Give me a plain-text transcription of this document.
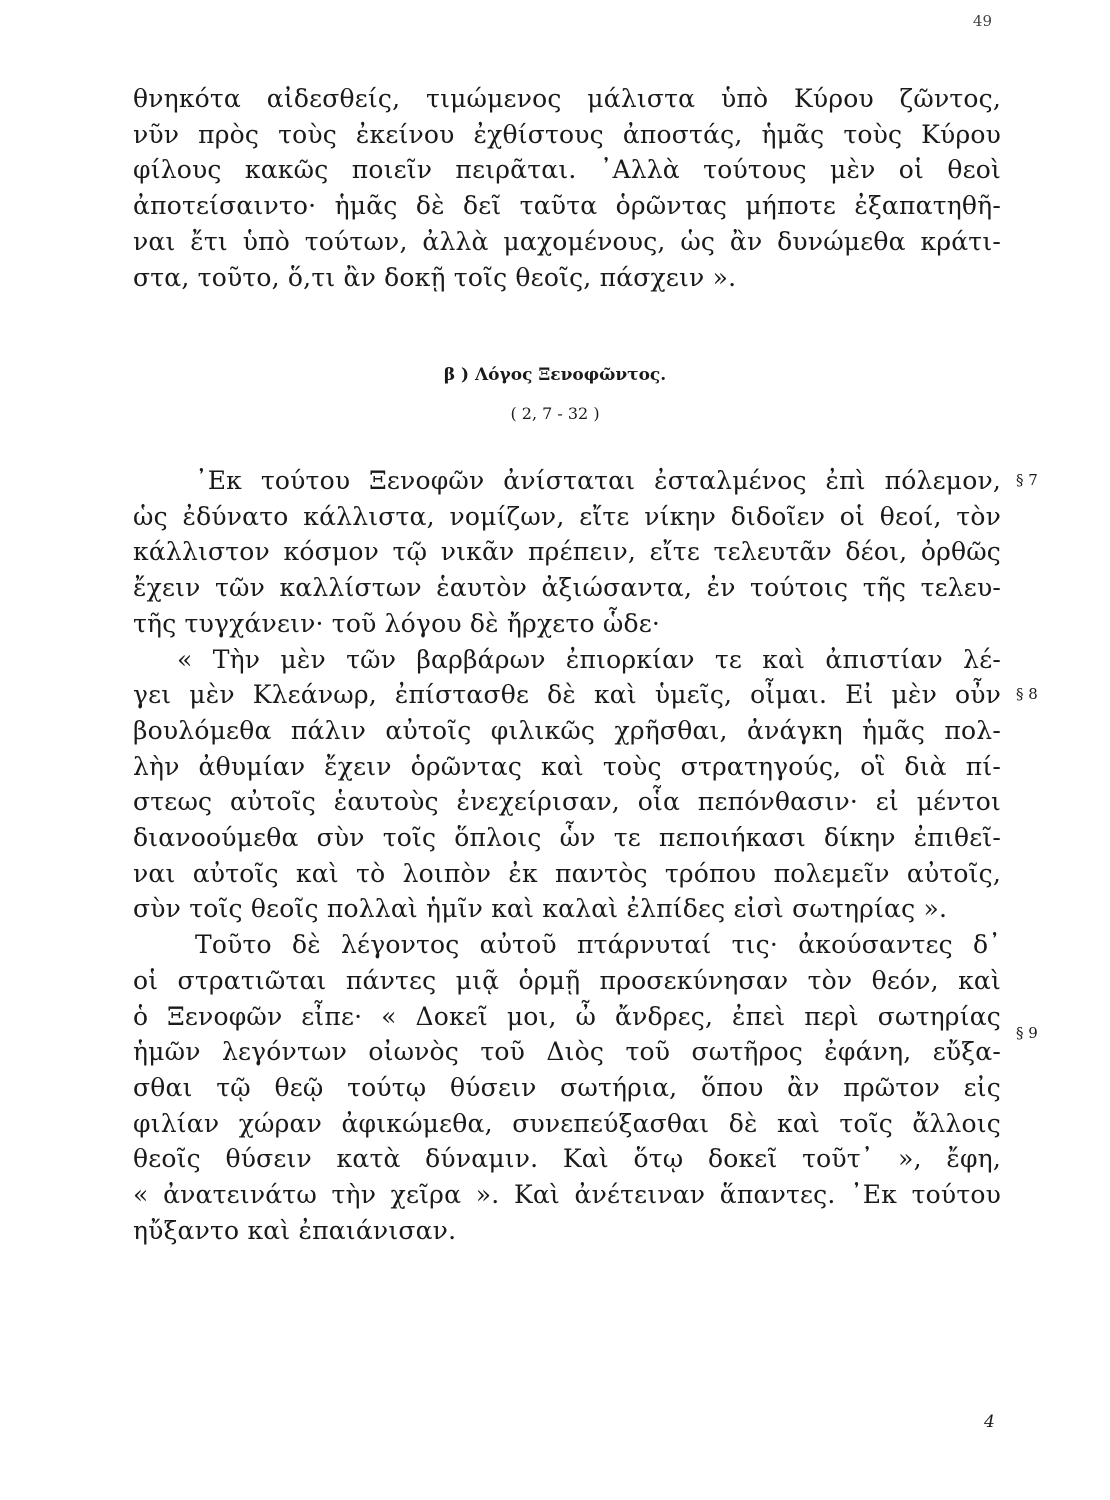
49
θνηκότα αἰδεσθείς, τιμώμενος μάλιστα ὑπὸ Κύρου ζῶντος,
νῦν πρὸς τοὺς ἐκείνου ἐχθίστους ἀποστάς, ἡμᾶς τοὺς Κύρου
φίλους κακῶς ποιεῖν πειρᾶται. ᾿Αλλὰ τούτους μὲν οἱ θεοὶ
ἀποτείσαιντο· ἡμᾶς δὲ δεῖ ταῦτα ὁρῶντας μήποτε ἐξαπατηθῆ-
ναι ἔτι ὑπὸ τούτων, ἀλλὰ μαχομένους, ὡς ἂν δυνώμεθα κράτι-
στα, τοῦτο, ὅ,τι ἂν δοκῇ τοῖς θεοῖς, πάσχειν ».
β ) Λόγος Ξενοφῶντος.
( 2, 7 - 32 )
᾿Εκ τούτου Ξενοφῶν ἀνίσταται ἐσταλμένος ἐπὶ πόλεμον,
ὡς ἐδύνατο κάλλιστα, νομίζων, εἴτε νίκην διδοῖεν οἱ θεοί, τὸν
κάλλιστον κόσμον τῷ νικᾶν πρέπειν, εἴτε τελευτᾶν δέοι, ὀρθῶς
ἔχειν τῶν καλλίστων ἑαυτὸν ἀξιώσαντα, ἐν τούτοις τῆς τελευ-
τῆς τυγχάνειν· τοῦ λόγου δὲ ἤρχετο ὧδε·
« Τὴν μὲν τῶν βαρβάρων ἐπιορκίαν τε καὶ ἀπιστίαν λέ-
γει μὲν Κλεάνωρ, ἐπίστασθε δὲ καὶ ὑμεῖς, οἶμαι. Εἰ μὲν οὖν
βουλόμεθα πάλιν αὐτοῖς φιλικῶς χρῆσθαι, ἀνάγκη ἡμᾶς πολ-
λὴν ἀθυμίαν ἔχειν ὁρῶντας καὶ τοὺς στρατηγούς, οἳ διὰ πί-
στεως αὐτοῖς ἑαυτοὺς ἐνεχείρισαν, οἷα πεπόνθασιν· εἰ μέντοι
διανοούμεθα σὺν τοῖς ὅπλοις ὧν τε πεποιήκασι δίκην ἐπιθεῖ-
ναι αὐτοῖς καὶ τὸ λοιπὸν ἐκ παντὸς τρόπου πολεμεῖν αὐτοῖς,
σὺν τοῖς θεοῖς πολλαὶ ἡμῖν καὶ καλαὶ ἐλπίδες εἰσὶ σωτηρίας ».
Τοῦτο δὲ λέγοντος αὐτοῦ πτάρνυταί τις· ἀκούσαντες δ᾿
οἱ στρατιῶται πάντες μιᾷ ὁρμῇ προσεκύνησαν τὸν θεόν, καὶ
ὁ Ξενοφῶν εἶπε· « Δοκεῖ μοι, ὦ ἄνδρες, ἐπεὶ περὶ σωτηρίας
ἡμῶν λεγόντων οἰωνὸς τοῦ Διὸς τοῦ σωτῆρος ἐφάνη, εὔξα-
σθαι τῷ θεῷ τούτῳ θύσειν σωτήρια, ὅπου ἂν πρῶτον εἰς
φιλίαν χώραν ἀφικώμεθα, συνεπεύξασθαι δὲ καὶ τοῖς ἄλλοις
θεοῖς θύσειν κατὰ δύναμιν. Καὶ ὅτῳ δοκεῖ τοῦτ᾿ », ἔφη,
« ἀνατεινάτω τὴν χεῖρα ». Καὶ ἀνέτειναν ἅπαντες. ᾿Εκ τούτου
ηὔξαντο καὶ ἐπαιάνισαν.
§ 7
§ 8
§ 9
4
